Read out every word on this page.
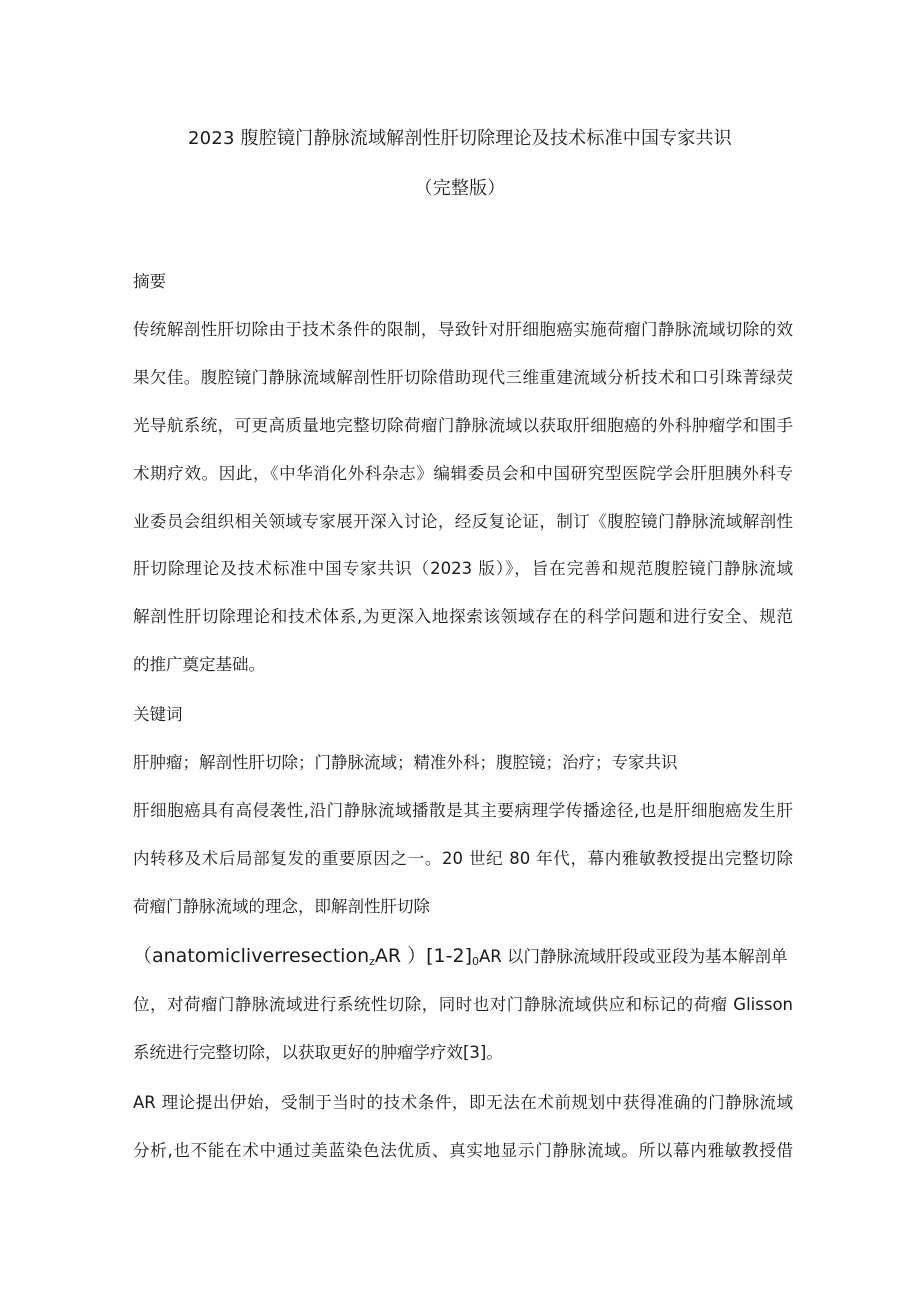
2023 腹腔镜门静脉流域解剖性肝切除理论及技术标准中国专家共识
（完整版）
摘要
传统解剖性肝切除由于技术条件的限制，导致针对肝细胞癌实施荷瘤门静脉流域切除的效
果欠佳。腹腔镜门静脉流域解剖性肝切除借助现代三维重建流域分析技术和口引珠菁绿荧
光导航系统，可更高质量地完整切除荷瘤门静脉流域以获取肝细胞癌的外科肿瘤学和围手
术期疗效。因此，《中华消化外科杂志》编辑委员会和中国研究型医院学会肝胆胰外科专
业委员会组织相关领域专家展开深入讨论，经反复论证，制订《腹腔镜门静脉流域解剖性
肝切除理论及技术标准中国专家共识（2023 版）》，旨在完善和规范腹腔镜门静脉流域
解剖性肝切除理论和技术体系,为更深入地探索该领域存在的科学问题和进行安全、规范
的推广奠定基础。
关键词
肝肿瘤；解剖性肝切除；门静脉流域；精准外科；腹腔镜；治疗；专家共识
肝细胞癌具有高侵袭性,沿门静脉流域播散是其主要病理学传播途径,也是肝细胞癌发生肝
内转移及术后局部复发的重要原因之一。20 世纪 80 年代，幕内雅敏教授提出完整切除
荷瘤门静脉流域的理念，即解剖性肝切除
（anatomicliverresection$_z$AR ）$[1-2]_0AR$ 以门静脉流域肝段或亚段为基本解剖单
位，对荷瘤门静脉流域进行系统性切除，同时也对门静脉流域供应和标记的荷瘤 Glisson
系统进行完整切除，以获取更好的肿瘤学疗效[3]。
AR 理论提出伊始，受制于当时的技术条件，即无法在术前规划中获得准确的门静脉流域
分析,也不能在术中通过美蓝染色法优质、真实地显示门静脉流域。所以幕内雅敏教授借
